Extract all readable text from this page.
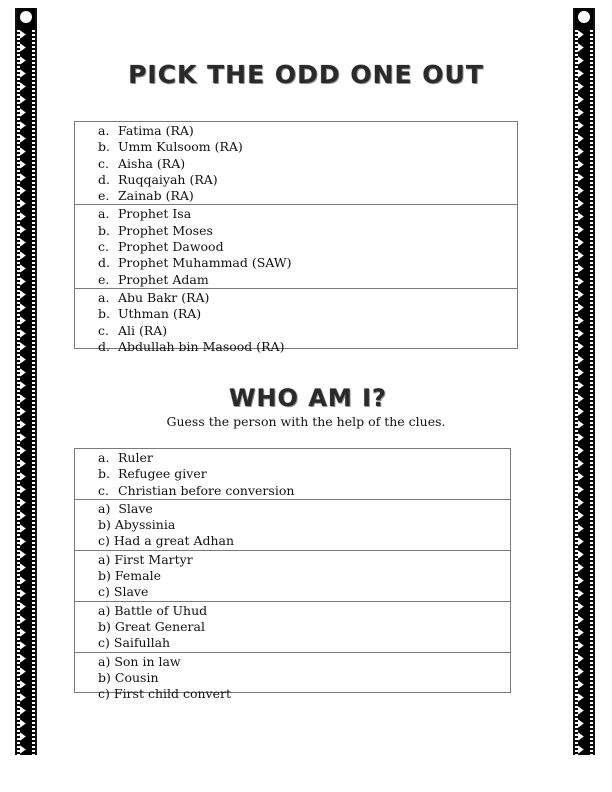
PICK THE ODD ONE OUT
a. Fatima (RA)
b. Umm Kulsoom (RA)
c. Aisha (RA)
d. Ruqqaiyah (RA)
e. Zainab (RA)
a. Prophet Isa
b. Prophet Moses
c. Prophet Dawood
d. Prophet Muhammad (SAW)
e. Prophet Adam
a. Abu Bakr (RA)
b. Uthman (RA)
c. Ali (RA)
d. Abdullah bin Masood (RA)
WHO AM I?
Guess the person with the help of the clues.
a. Ruler
b. Refugee giver
c. Christian before conversion
a) Slave
b) Abyssinia
c) Had a great Adhan
a) First Martyr
b) Female
c) Slave
a) Battle of Uhud
b) Great General
c) Saifullah
a) Son in law
b) Cousin
c) First child convert
